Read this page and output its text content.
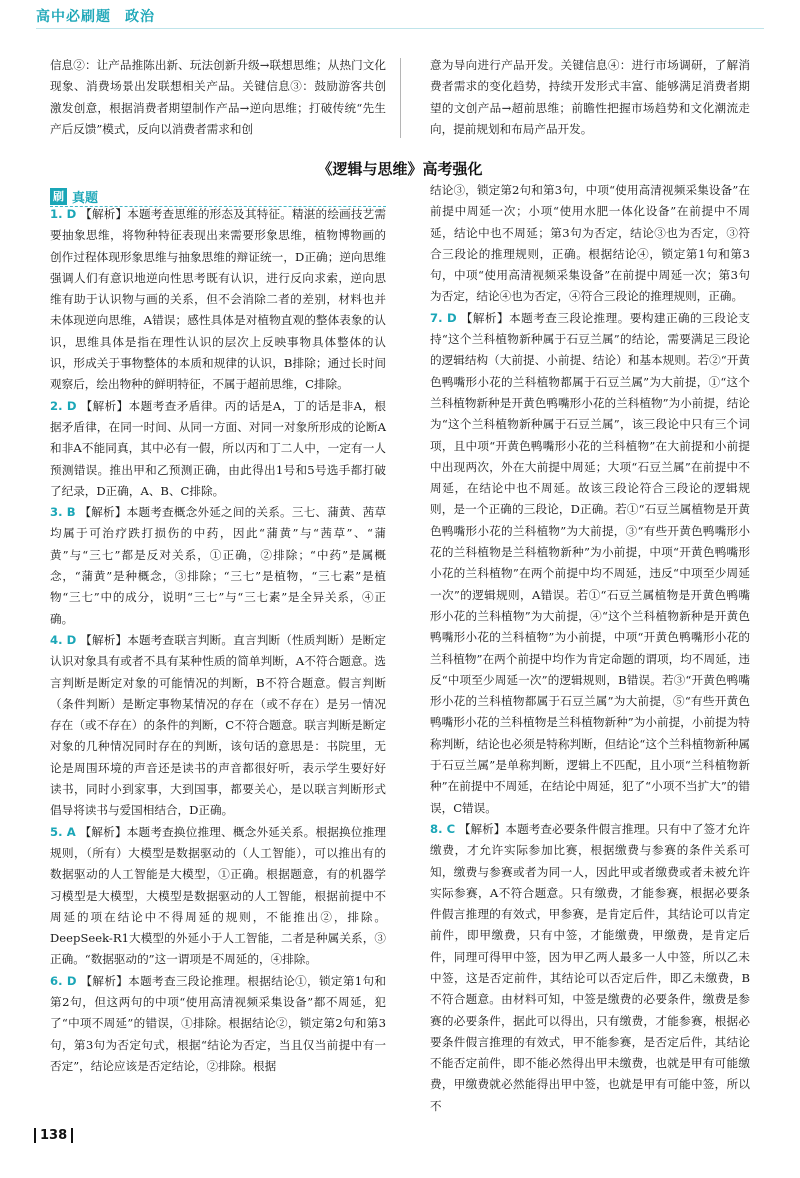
高中必刷题 政治

信息②：让产品推陈出新、玩法创新升级→联想思维；从热门文化现象、消费场景出发联想相关产品。关键信息③：鼓励游客共创激发创意，根据消费者期望制作产品→逆向思维；打破传统“先生产后反馈”模式，反向以消费者需求和创

意为导向进行产品开发。关键信息④：进行市场调研，了解消费者需求的变化趋势，持续开发形式丰富、能够满足消费者期望的文创产品→超前思维；前瞻性把握市场趋势和文化潮流走向，提前规划和布局产品开发。

《逻辑与思维》高考强化
刷 真题

1. D 【解析】本题考查思维的形态及其特征。精湛的绘画技艺需要抽象思维，将物种特征表现出来需要形象思维，植物博物画的创作过程体现形象思维与抽象思维的辩证统一，D正确；逆向思维强调人们有意识地逆向性思考既有认识，进行反向求索，逆向思维有助于认识物与画的关系，但不会消除二者的差别，材料也并未体现逆向思维，A错误；感性具体是对植物直观的整体表象的认识，思维具体是指在理性认识的层次上反映事物具体整体的认识，形成关于事物整体的本质和规律的认识，B排除；通过长时间观察后，绘出物种的鲜明特征，不属于超前思维，C排除。

2. D 【解析】本题考查矛盾律。丙的话是A，丁的话是非A，根据矛盾律，在同一时间、从同一方面、对同一对象所形成的论断A和非A不能同真，其中必有一假，所以丙和丁二人中，一定有一人预测错误。推出甲和乙预测正确，由此得出1号和5号选手都打破了纪录，D正确，A、B、C排除。

3. B 【解析】本题考查概念外延之间的关系。三七、蒲黄、茜草均属于可治疗跌打损伤的中药，因此“蒲黄”与“茜草”、“蒲黄”与“三七”都是反对关系，①正确，②排除；“中药”是属概念，“蒲黄”是种概念，③排除；“三七”是植物，“三七素”是植物“三七”中的成分，说明“三七”与“三七素”是全异关系，④正确。

4. D 【解析】本题考查联言判断。直言判断（性质判断）是断定认识对象具有或者不具有某种性质的简单判断，A不符合题意。选言判断是断定对象的可能情况的判断，B不符合题意。假言判断（条件判断）是断定事物某情况的存在（或不存在）是另一情况存在（或不存在）的条件的判断，C不符合题意。联言判断是断定对象的几种情况同时存在的判断，该句话的意思是：书院里，无论是周围环境的声音还是读书的声音都很好听，表示学生要好好读书，同时小到家事，大到国事，都要关心，是以联言判断形式倡导将读书与爱国相结合，D正确。

5. A 【解析】本题考查换位推理、概念外延关系。根据换位推理规则，（所有）大模型是数据驱动的（人工智能），可以推出有的数据驱动的人工智能是大模型，①正确。根据题意，有的机器学习模型是大模型，大模型是数据驱动的人工智能，根据前提中不周延的项在结论中不得周延的规则，不能推出②，排除。DeepSeek-R1大模型的外延小于人工智能，二者是种属关系，③正确。“数据驱动的”这一谓项是不周延的，④排除。

6. D 【解析】本题考查三段论推理。根据结论①，锁定第1句和第2句，但这两句的中项“使用高清视频采集设备”都不周延，犯了“中项不周延”的错误，①排除。根据结论②，锁定第2句和第3句，第3句为否定句式，根据“结论为否定，当且仅当前提中有一否定”，结论应该是否定结论，②排除。根据

结论③，锁定第2句和第3句，中项“使用高清视频采集设备”在前提中周延一次；小项“使用水肥一体化设备”在前提中不周延，结论中也不周延；第3句为否定，结论③也为否定，③符合三段论的推理规则，正确。根据结论④，锁定第1句和第3句，中项“使用高清视频采集设备”在前提中周延一次；第3句为否定，结论④也为否定，④符合三段论的推理规则，正确。

7. D 【解析】本题考查三段论推理。要构建正确的三段论支持“这个兰科植物新种属于石豆兰属”的结论，需要满足三段论的逻辑结构（大前提、小前提、结论）和基本规则。若②“开黄色鸭嘴形小花的兰科植物都属于石豆兰属”为大前提，①“这个兰科植物新种是开黄色鸭嘴形小花的兰科植物”为小前提，结论为“这个兰科植物新种属于石豆兰属”，该三段论中只有三个词项，且中项“开黄色鸭嘴形小花的兰科植物”在大前提和小前提中出现两次，外在大前提中周延；大项“石豆兰属”在前提中不周延，在结论中也不周延。故该三段论符合三段论的逻辑规则，是一个正确的三段论，D正确。若①“石豆兰属植物是开黄色鸭嘴形小花的兰科植物”为大前提，③“有些开黄色鸭嘴形小花的兰科植物是兰科植物新种”为小前提，中项“开黄色鸭嘴形小花的兰科植物”在两个前提中均不周延，违反“中项至少周延一次”的逻辑规则，A错误。若①“石豆兰属植物是开黄色鸭嘴形小花的兰科植物”为大前提，④“这个兰科植物新种是开黄色鸭嘴形小花的兰科植物”为小前提，中项“开黄色鸭嘴形小花的兰科植物”在两个前提中均作为肯定命题的谓项，均不周延，违反“中项至少周延一次”的逻辑规则，B错误。若③“开黄色鸭嘴形小花的兰科植物都属于石豆兰属”为大前提，⑤“有些开黄色鸭嘴形小花的兰科植物是兰科植物新种”为小前提，小前提为特称判断，结论也必须是特称判断，但结论“这个兰科植物新种属于石豆兰属”是单称判断，逻辑上不匹配，且小项“兰科植物新种”在前提中不周延，在结论中周延，犯了“小项不当扩大”的错误，C错误。

8. C 【解析】本题考查必要条件假言推理。只有中了签才允许缴费，才允许实际参加比赛，根据缴费与参赛的条件关系可知，缴费与参赛或者为同一人，因此甲或者缴费或者未被允许实际参赛，A不符合题意。只有缴费，才能参赛，根据必要条件假言推理的有效式，甲参赛，是肯定后件，其结论可以肯定前件，即甲缴费，只有中签，才能缴费，甲缴费，是肯定后件，同理可得甲中签，因为甲乙两人最多一人中签，所以乙未中签，这是否定前件，其结论可以否定后件，即乙未缴费，B不符合题意。由材料可知，中签是缴费的必要条件，缴费是参赛的必要条件，据此可以得出，只有缴费，才能参赛，根据必要条件假言推理的有效式，甲不能参赛，是否定后件，其结论不能否定前件，即不能必然得出甲未缴费，也就是甲有可能缴费，甲缴费就必然能得出甲中签，也就是甲有可能中签，所以不

138
